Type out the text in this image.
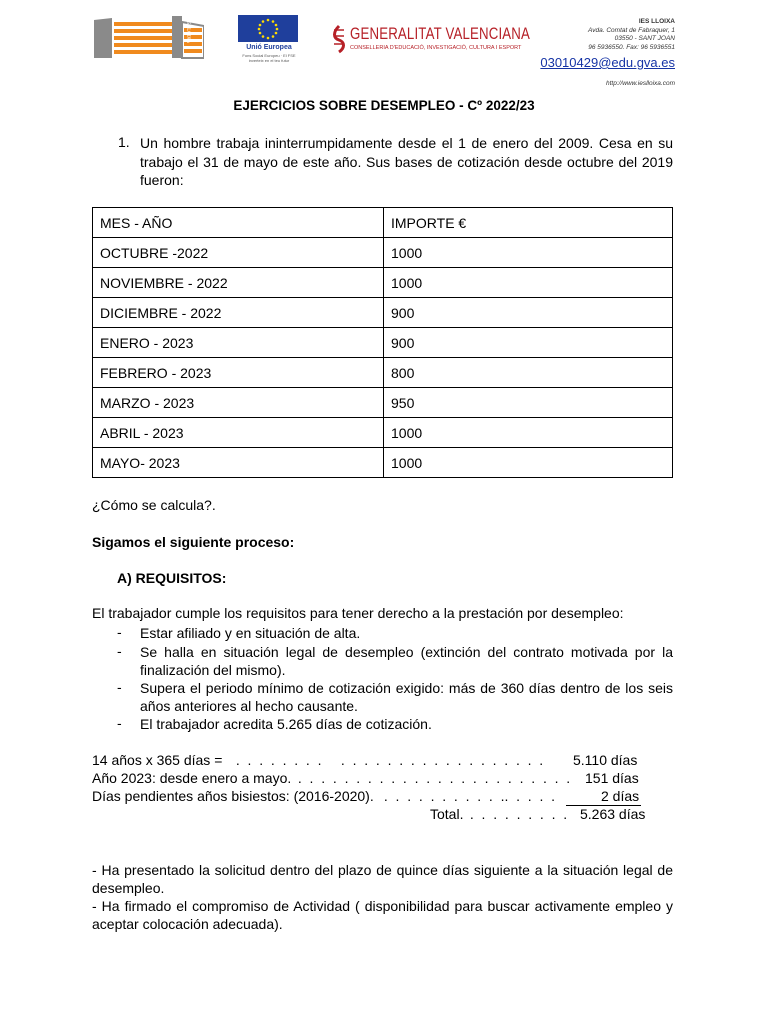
IES LLOIXA
Unió Europea
Fons Social Europeu · El FSE inverteix en el teu futur
GENERALITAT VALENCIANA
CONSELLERIA D'EDUCACIÓ, INVESTIGACIÓ, CULTURA I ESPORT
IES LLOIXA
Avda. Comtat de Fabraquer, 1
03550 - SANT JOAN
96 5936550. Fax: 96 5936551
03010429@edu.gva.es
http://www.ieslloixa.com
EJERCICIOS SOBRE DESEMPLEO - Cº 2022/23
1. Un hombre trabaja ininterrumpidamente desde el 1 de enero del 2009. Cesa en su trabajo el 31 de mayo de este año. Sus bases de cotización desde octubre del 2019 fueron:
MES - AÑO	IMPORTE €
OCTUBRE -2022	1000
NOVIEMBRE - 2022	1000
DICIEMBRE - 2022	900
ENERO - 2023	900
FEBRERO - 2023	800
MARZO - 2023	950
ABRIL - 2023	1000
MAYO- 2023	1000
¿Cómo se calcula?.
Sigamos el siguiente proceso:
A) REQUISITOS:
El trabajador cumple los requisitos para tener derecho a la prestación por desempleo:
- Estar afiliado y en situación de alta.
- Se halla en situación legal de desempleo (extinción del contrato motivada por la finalización del mismo).
- Supera el periodo mínimo de cotización exigido: más de 360 días dentro de los seis años anteriores al hecho causante.
- El trabajador acredita 5.265 días de cotización.
14 años x 365 días = .  .  .  .  .  .  .  .     .  .  .  .  .  .  .  .  .  .  .  .  .  .  .  .  .  . 5.110 días
Año 2023: desde enero a mayo. .  .  .  .  .  .  .  .  .  .  .  .  .  .  .  .  .  .  .  .  .  .  .  . 151 días
Días pendientes años bisiestos: (2016-2020). .  .  .  .  .  .  .  .  .  .  ..  .  .  .  .	2 días
Total. .  .  .  .  .  .  .  .  . 5.263 días
- Ha presentado la solicitud dentro del plazo de quince días siguiente a la situación legal de desempleo.
- Ha firmado el compromiso de Actividad ( disponibilidad para buscar activamente empleo y aceptar colocación adecuada).
